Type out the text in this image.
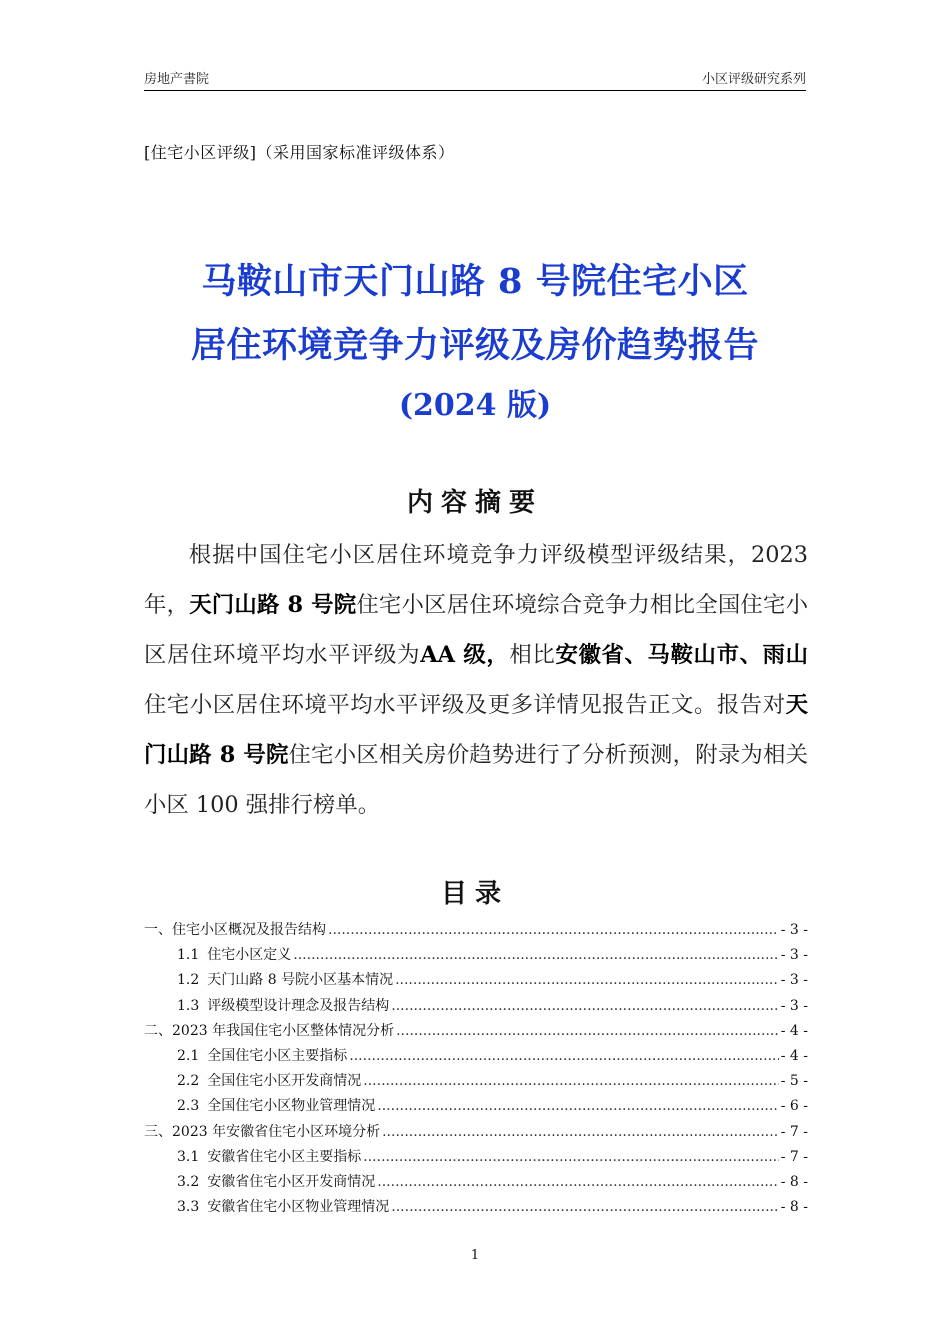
房地产書院	小区评级研究系列
[住宅小区评级]（采用国家标准评级体系）
马鞍山市天门山路 8 号院住宅小区
居住环境竞争力评级及房价趋势报告
(2024 版)
内容摘要

根据中国住宅小区居住环境竞争力评级模型评级结果，2023 年，天门山路 8 号院住宅小区居住环境综合竞争力相比全国住宅小区居住环境平均水平评级为AA 级，相比安徽省、马鞍山市、雨山住宅小区居住环境平均水平评级及更多详情见报告正文。报告对天门山路 8 号院住宅小区相关房价趋势进行了分析预测，附录为相关小区 100 强排行榜单。

目录
一、住宅小区概况及报告结构 .....	- 3 -
1.1 住宅小区定义 .....	- 3 -
1.2 天门山路 8 号院小区基本情况 .....	- 3 -
1.3 评级模型设计理念及报告结构 .....	- 3 -
二、2023 年我国住宅小区整体情况分析 .....	- 4 -
2.1 全国住宅小区主要指标 .....	- 4 -
2.2 全国住宅小区开发商情况 .....	- 5 -
2.3 全国住宅小区物业管理情况 .....	- 6 -
三、2023 年安徽省住宅小区环境分析 .....	- 7 -
3.1 安徽省住宅小区主要指标 .....	- 7 -
3.2 安徽省住宅小区开发商情况 .....	- 8 -
3.3 安徽省住宅小区物业管理情况 .....	- 8 -
1
